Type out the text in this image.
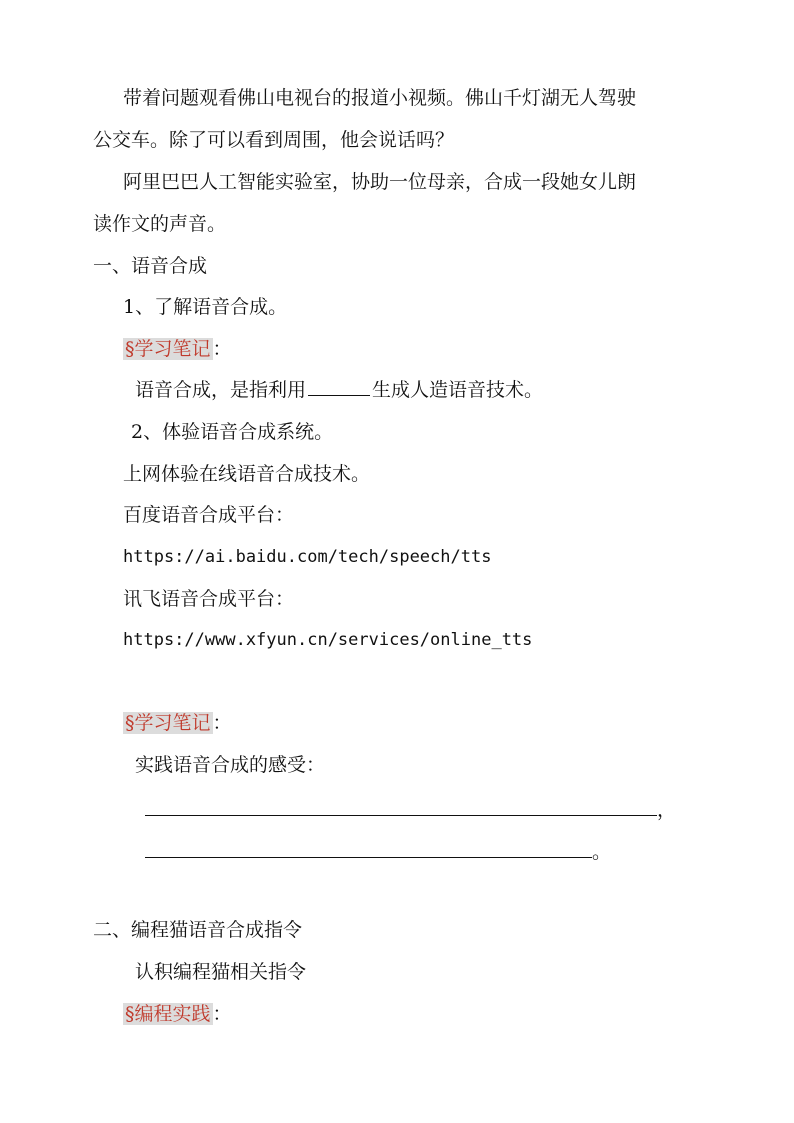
带着问题观看佛山电视台的报道小视频。佛山千灯湖无人驾驶
公交车。除了可以看到周围，他会说话吗？
阿里巴巴人工智能实验室，协助一位母亲，合成一段她女儿朗
读作文的声音。
一、语音合成
1、了解语音合成。
§学习笔记 ：
语音合成，是指利用	生成人造语音技术。
2、体验语音合成系统。
上网体验在线语音合成技术。
百度语音合成平台：
https://ai.baidu.com/tech/speech/tts
讯飞语音合成平台：
https://www.xfyun.cn/services/online_tts
§学习笔记 ：
实践语音合成的感受：
，
。
二、编程猫语音合成指令
认积编程猫相关指令
§编程实践 ：
